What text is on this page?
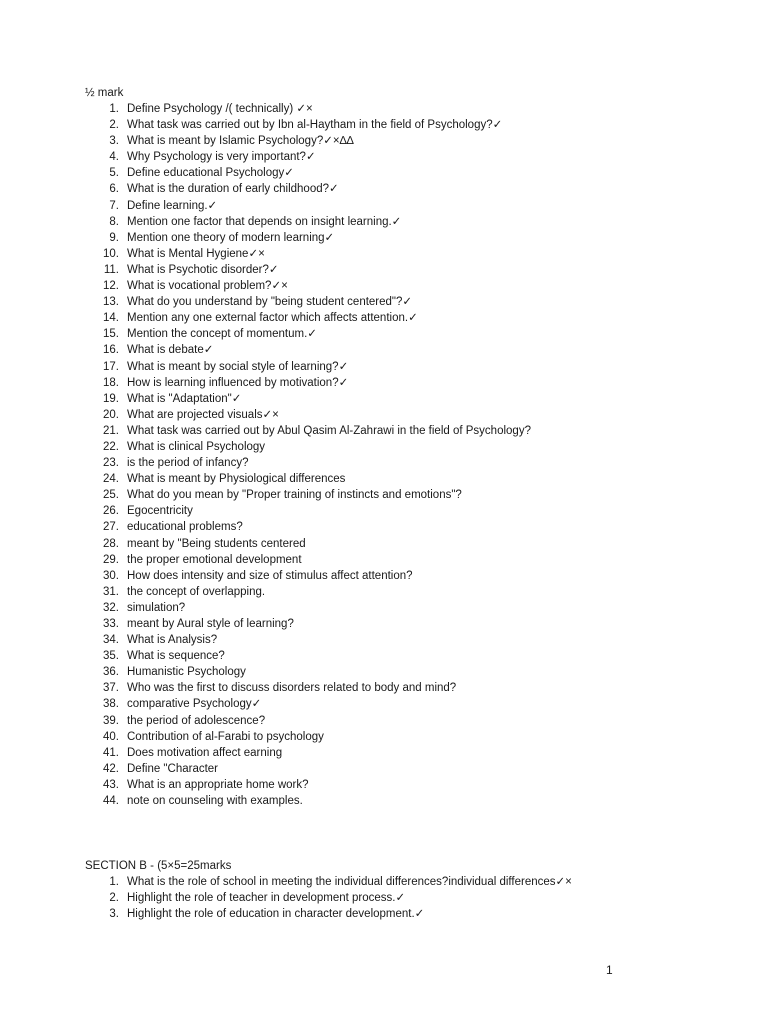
½ mark
1. Define Psychology /( technically) ✓×
2. What task was carried out by Ibn al-Haytham in the field of Psychology?✓
3. What is meant by Islamic Psychology?✓×∆∆
4. Why Psychology is very important?✓
5. Define educational Psychology✓
6. What is the duration of early childhood?✓
7. Define learning.✓
8. Mention one factor that depends on insight learning.✓
9. Mention one theory of modern learning✓
10. What is Mental Hygiene✓×
11. What is Psychotic disorder?✓
12. What is vocational problem?✓×
13. What do you understand by "being student centered"?✓
14. Mention any one external factor which affects attention.✓
15. Mention the concept of momentum.✓
16. What is debate✓
17. What is meant by social style of learning?✓
18. How is learning influenced by motivation?✓
19. What is "Adaptation"✓
20. What are projected visuals✓×
21. What task was carried out by Abul Qasim Al-Zahrawi in the field of Psychology?
22. What is clinical Psychology
23. is the period of infancy?
24. What is meant by Physiological differences
25. What do you mean by "Proper training of instincts and emotions"?
26. Egocentricity
27. educational problems?
28. meant by "Being students centered
29. the proper emotional development
30. How does intensity and size of stimulus affect attention?
31. the concept of overlapping.
32. simulation?
33. meant by Aural style of learning?
34. What is Analysis?
35. What is sequence?
36. Humanistic Psychology
37. Who was the first to discuss disorders related to body and mind?
38. comparative Psychology✓
39. the period of adolescence?
40. Contribution of al-Farabi to psychology
41. Does motivation affect earning
42. Define "Character
43. What is an appropriate home work?
44. note on counseling with examples.
SECTION B - (5×5=25marks
1. What is the role of school in meeting the individual differences?individual differences✓×
2. Highlight the role of teacher in development process.✓
3. Highlight the role of education in character development.✓
1
